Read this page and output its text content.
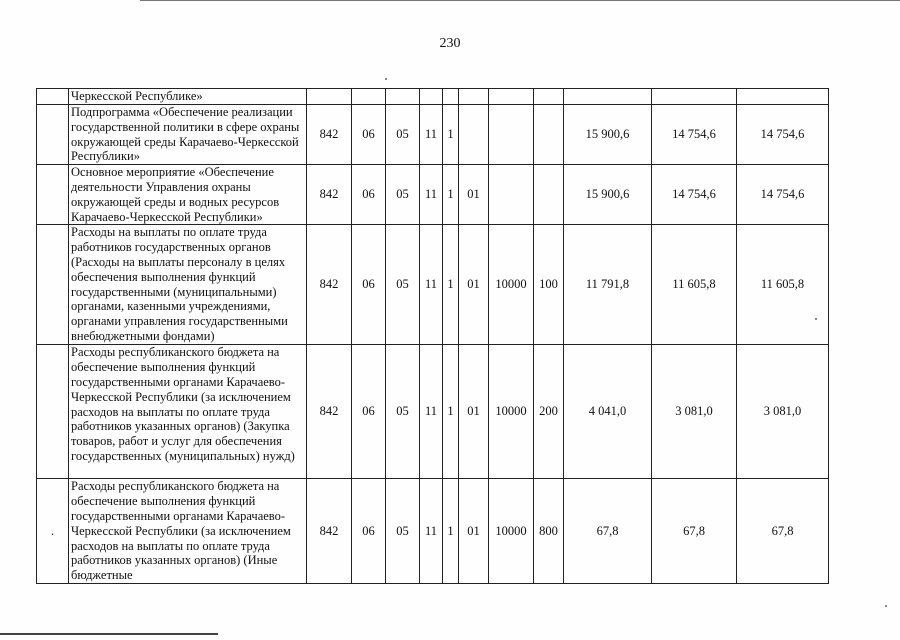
230
	Черкесской Республике»											
	Подпрограмма «Обеспечение реализации государственной политики в сфере охраны окружающей среды Карачаево-Черкесской Республики»	842	06	05	11	1				15 900,6	14 754,6	14 754,6
	Основное мероприятие «Обеспечение деятельности Управления охраны окружающей среды и водных ресурсов Карачаево-Черкесской Республики»	842	06	05	11	1	01			15 900,6	14 754,6	14 754,6
	Расходы на выплаты по оплате труда работников государственных органов (Расходы на выплаты персоналу в целях обеспечения выполнения функций государственными (муниципальными) органами, казенными учреждениями, органами управления государственными внебюджетными фондами)	842	06	05	11	1	01	10000	100	11 791,8	11 605,8	11 605,8
	Расходы республиканского бюджета на обеспечение выполнения функций государственными органами Карачаево-Черкесской Республики (за исключением расходов на выплаты по оплате труда работников указанных органов) (Закупка товаров, работ и услуг для обеспечения государственных (муниципальных) нужд)	842	06	05	11	1	01	10000	200	4 041,0	3 081,0	3 081,0
.	Расходы республиканского бюджета на обеспечение выполнения функций государственными органами Карачаево-Черкесской Республики (за исключением расходов на выплаты по оплате труда работников указанных органов) (Иные бюджетные	842	06	05	11	1	01	10000	800	67,8	67,8	67,8
